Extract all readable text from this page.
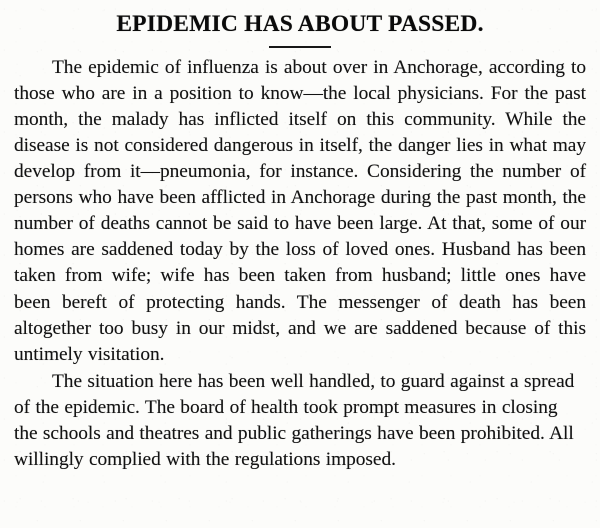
EPIDEMIC HAS ABOUT PASSED.

The epidemic of influenza is about over in Anchorage, according to those who are in a position to know—the local physicians. For the past month, the malady has inflicted itself on this community. While the disease is not considered dangerous in itself, the danger lies in what may develop from it—pneumonia, for instance. Considering the number of persons who have been afflicted in Anchorage during the past month, the number of deaths cannot be said to have been large. At that, some of our homes are saddened today by the loss of loved ones. Husband has been taken from wife; wife has been taken from husband; little ones have been bereft of protecting hands. The messenger of death has been altogether too busy in our midst, and we are saddened because of this untimely visitation.

The situation here has been well handled, to guard against a spread of the epidemic. The board of health took prompt measures in closing the schools and theatres and public gatherings have been prohibited. All willingly complied with the regulations imposed.
